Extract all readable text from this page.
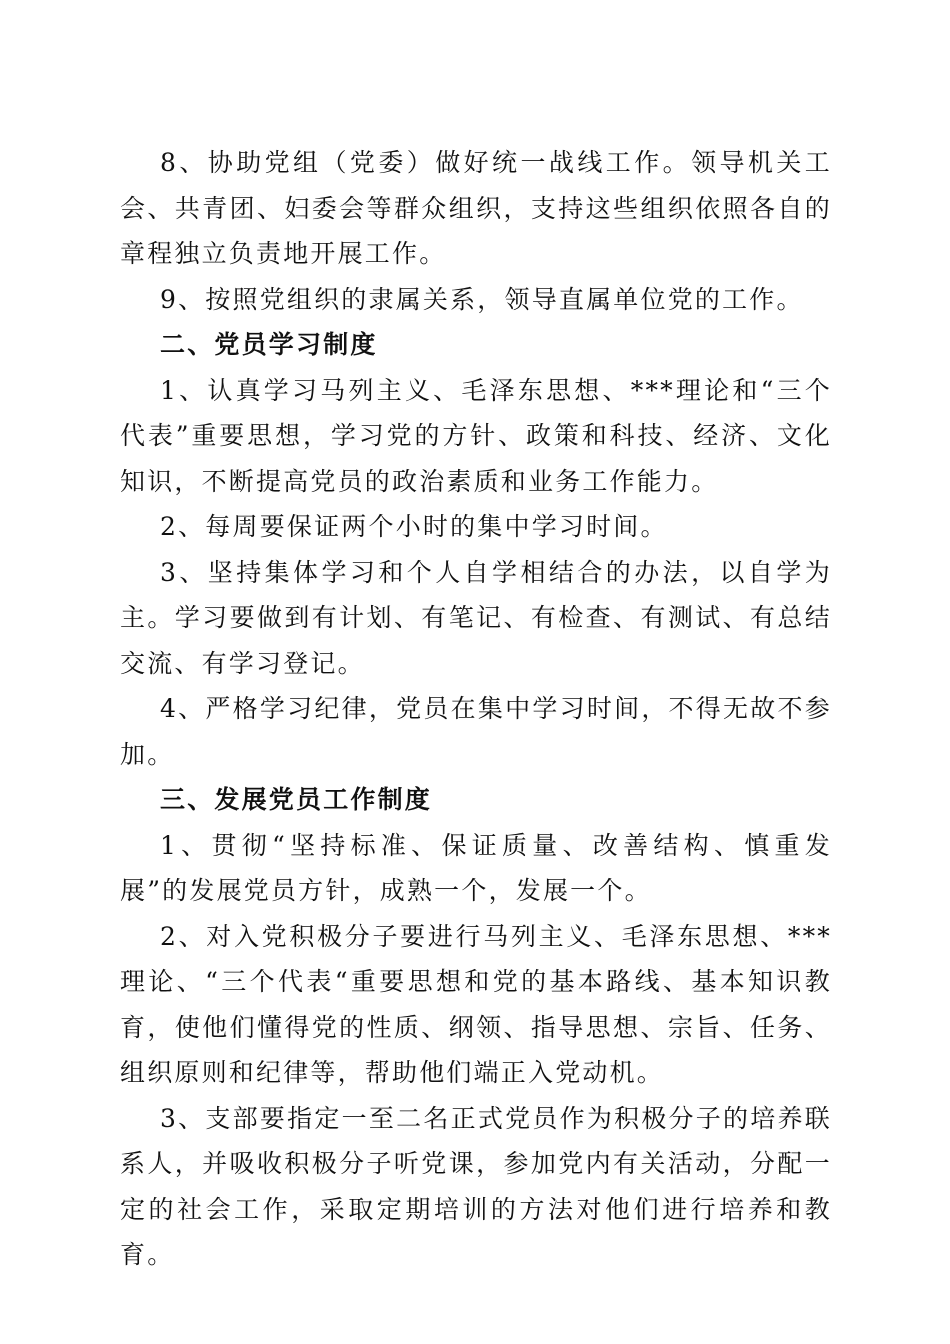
8、协助党组（党委）做好统一战线工作。领导机关工会、共青团、妇委会等群众组织，支持这些组织依照各自的章程独立负责地开展工作。

9、按照党组织的隶属关系，领导直属单位党的工作。

二、党员学习制度

1、认真学习马列主义、毛泽东思想、***理论和“三个代表”重要思想，学习党的方针、政策和科技、经济、文化知识，不断提高党员的政治素质和业务工作能力。

2、每周要保证两个小时的集中学习时间。

3、坚持集体学习和个人自学相结合的办法，以自学为主。学习要做到有计划、有笔记、有检查、有测试、有总结交流、有学习登记。

4、严格学习纪律，党员在集中学习时间，不得无故不参加。

三、发展党员工作制度

1、贯彻“坚持标准、保证质量、改善结构、慎重发展”的发展党员方针，成熟一个，发展一个。

2、对入党积极分子要进行马列主义、毛泽东思想、***理论、“三个代表“重要思想和党的基本路线、基本知识教育，使他们懂得党的性质、纲领、指导思想、宗旨、任务、组织原则和纪律等，帮助他们端正入党动机。

3、支部要指定一至二名正式党员作为积极分子的培养联系人，并吸收积极分子听党课，参加党内有关活动，分配一定的社会工作，采取定期培训的方法对他们进行培养和教育。
